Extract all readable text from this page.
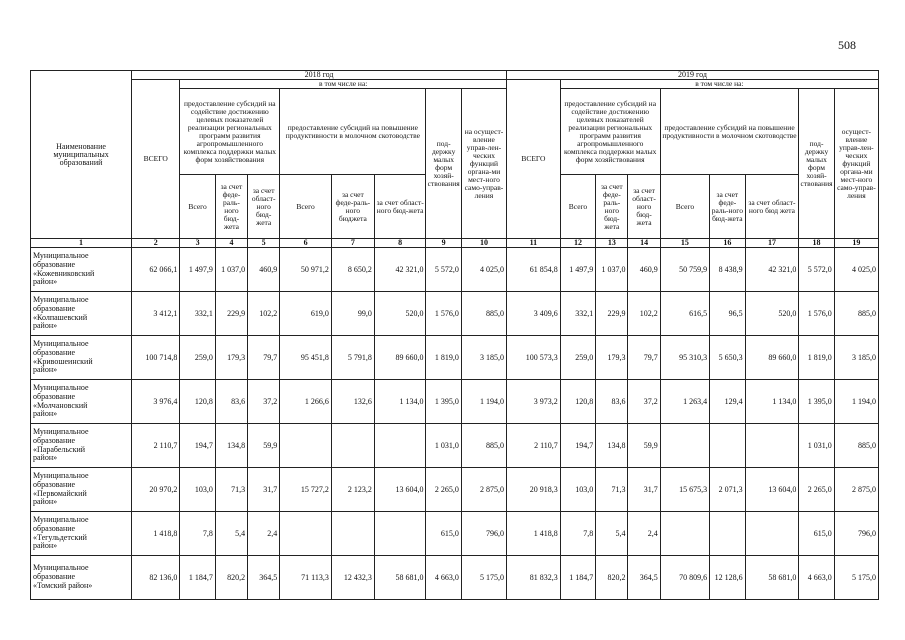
508
Наименование муниципальных образований	2018 год									2019 год								
	ВСЕГО	в том числе на:								ВСЕГО	в том числе на:							
		предоставление субсидий на содействие достижению целевых показателей реализации региональных программ развития агропромышленного комплекса поддержки малых форм хозяйствования			предоставление субсидий на повышение продуктивности в молочном скотоводстве			под-держку малых форм хозяй-ствования	на осущест-вление управ-лен-ческих функций органа-ми мест-ного само-управ-ления		предоставление субсидий на содействие достижению целевых показателей реализации региональных программ развития агропромышленного комплекса поддержки малых форм хозяйствования			предоставление субсидий на повышение продуктивности в молочном скотоводстве			под-держку малых форм хозяй-ствования	осущест-вление управ-лен-ческих функций органа-ми мест-ного само-управ-ления
		Всего	за счет феде-раль-ного бюд-жета	за счет област-ного бюд-жета	Всего	за счет феде-раль-ного бюджета	за счет област-ного бюд-жета				Всего	за счет феде-раль-ного бюд-жета	за счет област-ного бюд-жета	Всего	за счет феде-раль-ного бюд-жета	за счет област-ного бюд жета		
1	2	3	4	5	6	7	8	9	10	11	12	13	14	15	16	17	18	19

Муниципальное
образование
«Кожевниковский
район»	62 066,1	1 497,9	1 037,0	460,9	50 971,2	8 650,2	42 321,0	5 572,0	4 025,0	61 854,8	1 497,9	1 037,0	460,9	50 759,9	8 438,9	42 321,0	5 572,0	4 025,0

Муниципальное
образование
«Колпашевский
район»	3 412,1	332,1	229,9	102,2	619,0	99,0	520,0	1 576,0	885,0	3 409,6	332,1	229,9	102,2	616,5	96,5	520,0	1 576,0	885,0

Муниципальное
образование
«Кривошеинский
район»	100 714,8	259,0	179,3	79,7	95 451,8	5 791,8	89 660,0	1 819,0	3 185,0	100 573,3	259,0	179,3	79,7	95 310,3	5 650,3	89 660,0	1 819,0	3 185,0

Муниципальное
образование
«Молчановский
район»	3 976,4	120,8	83,6	37,2	1 266,6	132,6	1 134,0	1 395,0	1 194,0	3 973,2	120,8	83,6	37,2	1 263,4	129,4	1 134,0	1 395,0	1 194,0

Муниципальное
образование
«Парабельский
район»	2 110,7	194,7	134,8	59,9				1 031,0	885,0	2 110,7	194,7	134,8	59,9				1 031,0	885,0

Муниципальное
образование
«Первомайский
район»	20 970,2	103,0	71,3	31,7	15 727,2	2 123,2	13 604,0	2 265,0	2 875,0	20 918,3	103,0	71,3	31,7	15 675,3	2 071,3	13 604,0	2 265,0	2 875,0

Муниципальное
образование
«Тегульдетский
район»	1 418,8	7,8	5,4	2,4				615,0	796,0	1 418,8	7,8	5,4	2,4				615,0	796,0

Муниципальное
образование
«Томский район»	82 136,0	1 184,7	820,2	364,5	71 113,3	12 432,3	58 681,0	4 663,0	5 175,0	81 832,3	1 184,7	820,2	364,5	70 809,6	12 128,6	58 681,0	4 663,0	5 175,0
